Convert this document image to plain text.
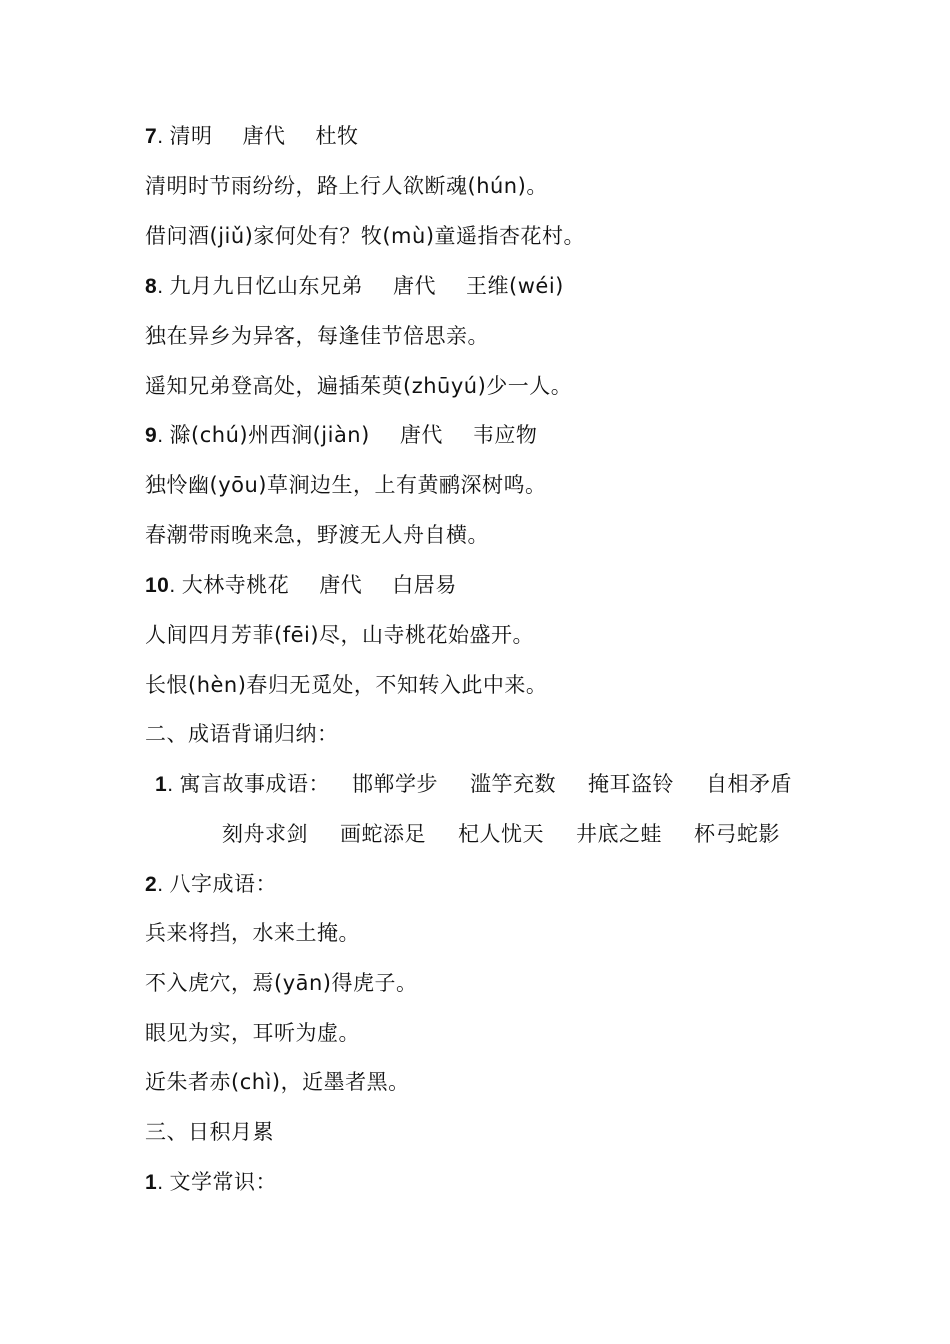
7. 清明 唐代 杜牧
清明时节雨纷纷，路上行人欲断魂(hún)。
借问酒(jiǔ)家何处有？牧(mù)童遥指杏花村。
8. 九月九日忆山东兄弟 唐代 王维(wéi)
独在异乡为异客，每逢佳节倍思亲。
遥知兄弟登高处，遍插茱萸(zhūyú)少一人。
9. 滁(chú)州西涧(jiàn) 唐代 韦应物
独怜幽(yōu)草涧边生，上有黄鹂深树鸣。
春潮带雨晚来急，野渡无人舟自横。
10. 大林寺桃花 唐代 白居易
人间四月芳菲(fēi)尽，山寺桃花始盛开。
长恨(hèn)春归无觅处，不知转入此中来。
二、成语背诵归纳：
1. 寓言故事成语： 邯郸学步 滥竽充数 掩耳盗铃 自相矛盾
刻舟求剑 画蛇添足 杞人忧天 井底之蛙 杯弓蛇影
2. 八字成语：
兵来将挡，水来土掩。
不入虎穴，焉(yān)得虎子。
眼见为实，耳听为虚。
近朱者赤(chì)，近墨者黑。
三、日积月累
1. 文学常识：
